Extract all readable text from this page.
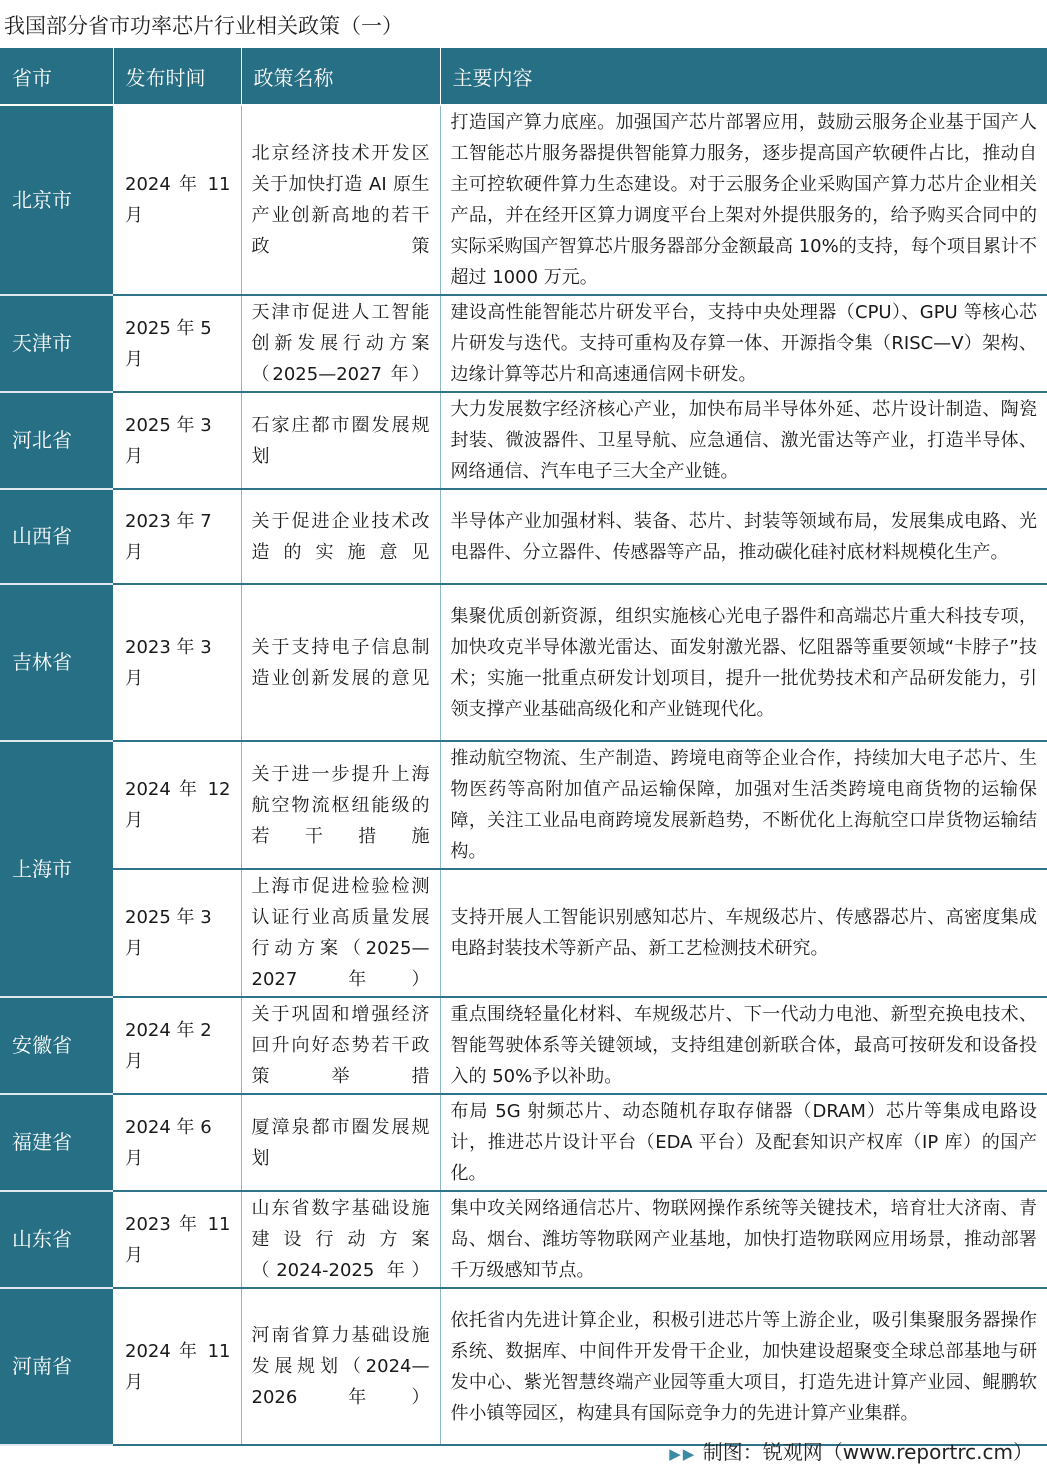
我国部分省市功率芯片行业相关政策（一）
省市	发布时间	政策名称	主要内容
北京市	2024 年 11 月	北京经济技术开发区关于加快打造 AI 原生产业创新高地的若干政策	打造国产算力底座。加强国产芯片部署应用，鼓励云服务企业基于国产人工智能芯片服务器提供智能算力服务，逐步提高国产软硬件占比，推动自主可控软硬件算力生态建设。对于云服务企业采购国产算力芯片企业相关产品，并在经开区算力调度平台上架对外提供服务的，给予购买合同中的实际采购国产智算芯片服务器部分金额最高 10%的支持，每个项目累计不超过 1000 万元。
天津市	2025 年 5 月	天津市促进人工智能创新发展行动方案（2025—2027 年）	建设高性能智能芯片研发平台，支持中央处理器（CPU）、GPU 等核心芯片研发与迭代。支持可重构及存算一体、开源指令集（RISC—V）架构、边缘计算等芯片和高速通信网卡研发。
河北省	2025 年 3 月	石家庄都市圈发展规划	大力发展数字经济核心产业，加快布局半导体外延、芯片设计制造、陶瓷封装、微波器件、卫星导航、应急通信、激光雷达等产业，打造半导体、网络通信、汽车电子三大全产业链。
山西省	2023 年 7 月	关于促进企业技术改造的实施意见	半导体产业加强材料、装备、芯片、封装等领域布局，发展集成电路、光电器件、分立器件、传感器等产品，推动碳化硅衬底材料规模化生产。
吉林省	2023 年 3 月	关于支持电子信息制造业创新发展的意见	集聚优质创新资源，组织实施核心光电子器件和高端芯片重大科技专项，加快攻克半导体激光雷达、面发射激光器、忆阻器等重要领域“卡脖子”技术；实施一批重点研发计划项目，提升一批优势技术和产品研发能力，引领支撑产业基础高级化和产业链现代化。
上海市	2024 年 12 月	关于进一步提升上海航空物流枢纽能级的若干措施	推动航空物流、生产制造、跨境电商等企业合作，持续加大电子芯片、生物医药等高附加值产品运输保障，加强对生活类跨境电商货物的运输保障，关注工业品电商跨境发展新趋势，不断优化上海航空口岸货物运输结构。
	2025 年 3 月	上海市促进检验检测认证行业高质量发展行动方案（2025—2027 年）	支持开展人工智能识别感知芯片、车规级芯片、传感器芯片、高密度集成电路封装技术等新产品、新工艺检测技术研究。
安徽省	2024 年 2 月	关于巩固和增强经济回升向好态势若干政策举措	重点围绕轻量化材料、车规级芯片、下一代动力电池、新型充换电技术、智能驾驶体系等关键领域，支持组建创新联合体，最高可按研发和设备投入的 50%予以补助。
福建省	2024 年 6 月	厦漳泉都市圈发展规划	布局 5G 射频芯片、动态随机存取存储器（DRAM）芯片等集成电路设计，推进芯片设计平台（EDA 平台）及配套知识产权库（IP 库）的国产化。
山东省	2023 年 11 月	山东省数字基础设施建设行动方案（2024-2025 年）	集中攻关网络通信芯片、物联网操作系统等关键技术，培育壮大济南、青岛、烟台、潍坊等物联网产业基地，加快打造物联网应用场景，推动部署千万级感知节点。
河南省	2024 年 11 月	河南省算力基础设施发展规划（2024—2026 年）	依托省内先进计算企业，积极引进芯片等上游企业，吸引集聚服务器操作系统、数据库、中间件开发骨干企业，加快建设超聚变全球总部基地与研发中心、紫光智慧终端产业园等重大项目，打造先进计算产业园、鲲鹏软件小镇等园区，构建具有国际竞争力的先进计算产业集群。
▶ ▶ 制图：锐观网（www.reportrc.cm）
